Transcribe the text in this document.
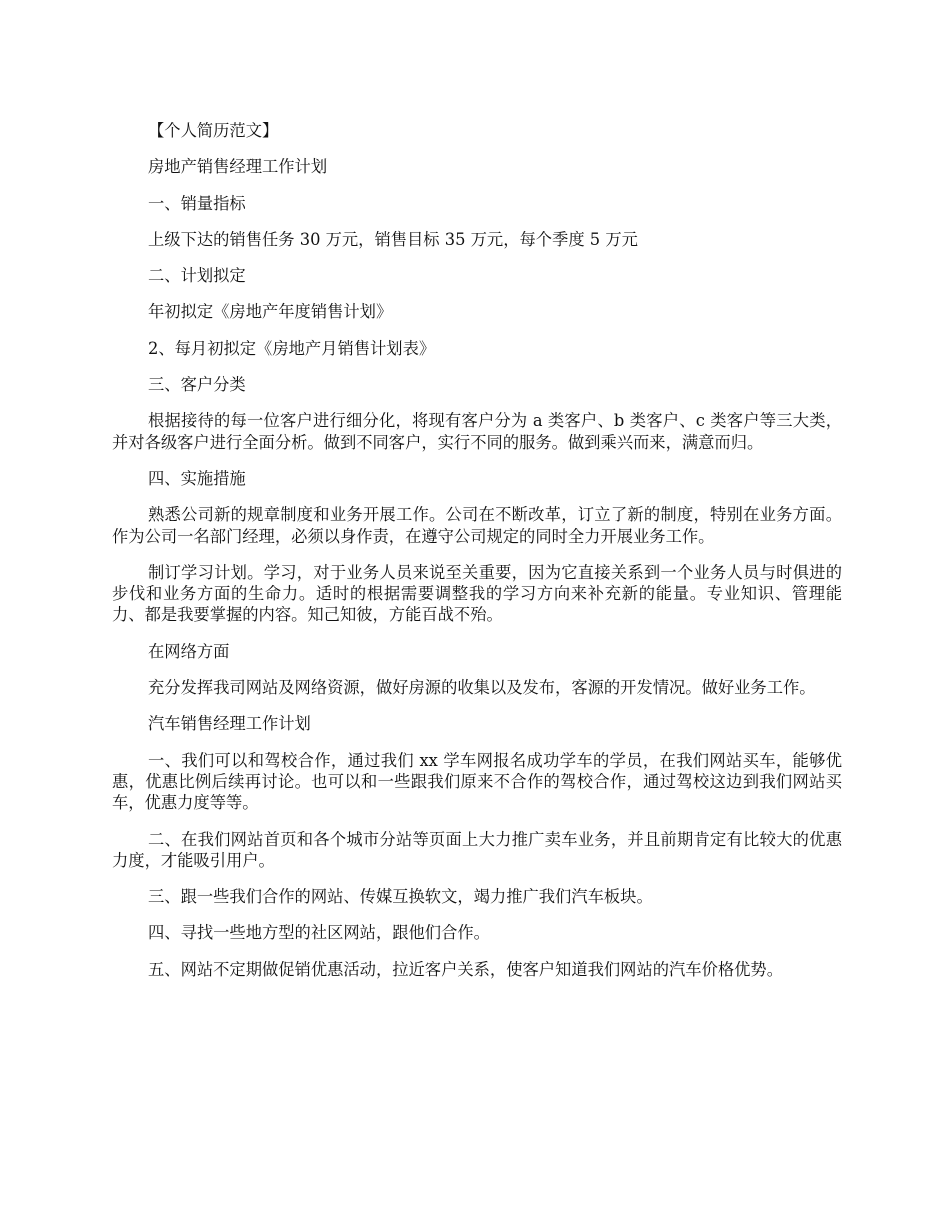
【个人简历范文】

房地产销售经理工作计划

一、销量指标

上级下达的销售任务 30 万元，销售目标 35 万元，每个季度 5 万元

二、计划拟定

年初拟定《房地产年度销售计划》

2、每月初拟定《房地产月销售计划表》

三、客户分类

根据接待的每一位客户进行细分化，将现有客户分为 a 类客户、b 类客户、c 类客户等三大类，并对各级客户进行全面分析。做到不同客户，实行不同的服务。做到乘兴而来，满意而归。

四、实施措施

熟悉公司新的规章制度和业务开展工作。公司在不断改革，订立了新的制度，特别在业务方面。作为公司一名部门经理，必须以身作责，在遵守公司规定的同时全力开展业务工作。

制订学习计划。学习，对于业务人员来说至关重要，因为它直接关系到一个业务人员与时俱进的步伐和业务方面的生命力。适时的根据需要调整我的学习方向来补充新的能量。专业知识、管理能力、都是我要掌握的内容。知己知彼，方能百战不殆。

在网络方面

充分发挥我司网站及网络资源，做好房源的收集以及发布，客源的开发情况。做好业务工作。

汽车销售经理工作计划

一、我们可以和驾校合作，通过我们 xx 学车网报名成功学车的学员，在我们网站买车，能够优惠，优惠比例后续再讨论。也可以和一些跟我们原来不合作的驾校合作，通过驾校这边到我们网站买车，优惠力度等等。

二、在我们网站首页和各个城市分站等页面上大力推广卖车业务，并且前期肯定有比较大的优惠力度，才能吸引用户。

三、跟一些我们合作的网站、传媒互换软文，竭力推广我们汽车板块。

四、寻找一些地方型的社区网站，跟他们合作。

五、网站不定期做促销优惠活动，拉近客户关系，使客户知道我们网站的汽车价格优势。
